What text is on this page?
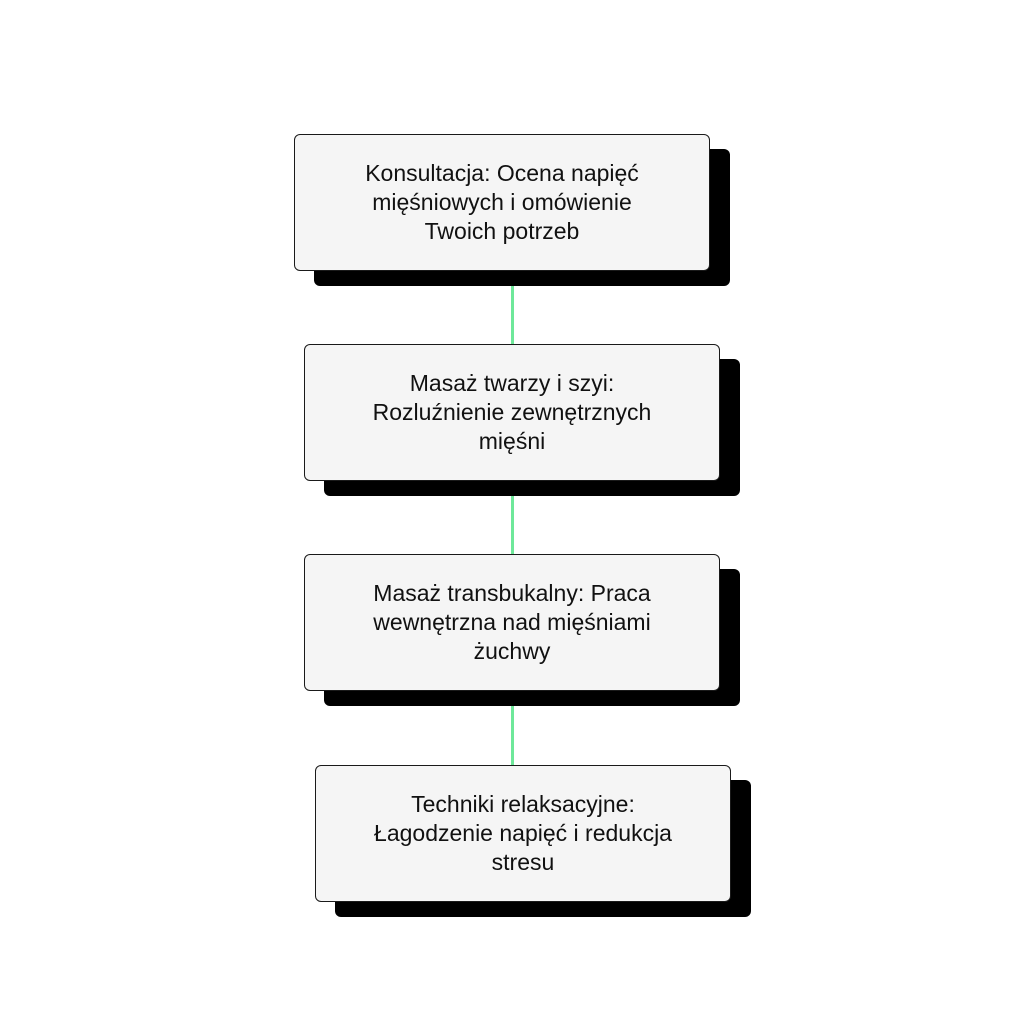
Konsultacja: Ocena napięć mięśniowych i omówienie Twoich potrzeb
Masaż twarzy i szyi: Rozluźnienie zewnętrznych mięśni
Masaż transbukalny: Praca wewnętrzna nad mięśniami żuchwy
Techniki relaksacyjne: Łagodzenie napięć i redukcja stresu
